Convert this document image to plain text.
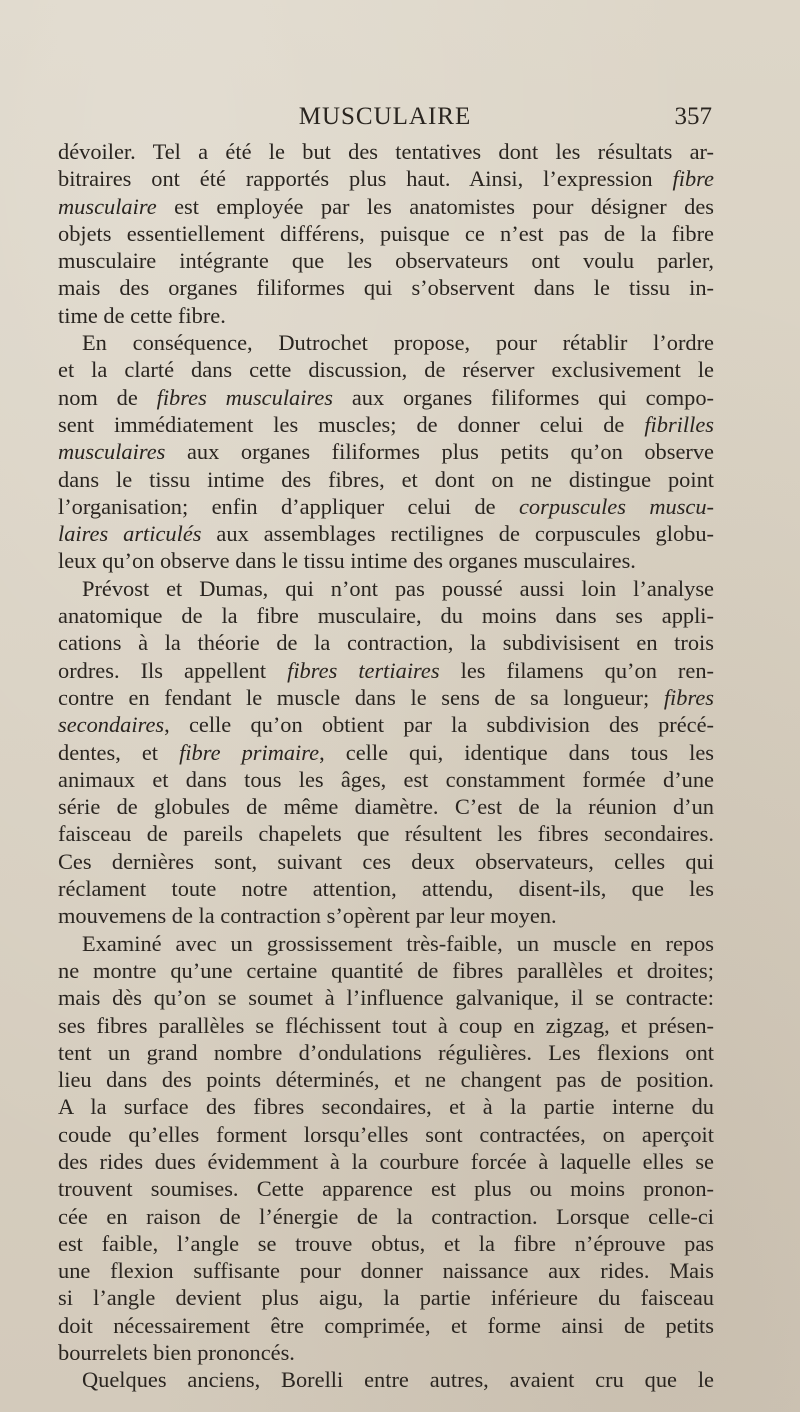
MUSCULAIRE	357
dévoiler. Tel a été le but des tentatives dont les résultats ar-
bitraires ont été rapportés plus haut. Ainsi, l’expression fibre
musculaire est employée par les anatomistes pour désigner des
objets essentiellement différens, puisque ce n’est pas de la fibre
musculaire intégrante que les observateurs ont voulu parler,
mais des organes filiformes qui s’observent dans le tissu in-
time de cette fibre.
En conséquence, Dutrochet propose, pour rétablir l’ordre
et la clarté dans cette discussion, de réserver exclusivement le
nom de fibres musculaires aux organes filiformes qui compo-
sent immédiatement les muscles; de donner celui de fibrilles
musculaires aux organes filiformes plus petits qu’on observe
dans le tissu intime des fibres, et dont on ne distingue point
l’organisation; enfin d’appliquer celui de corpuscules muscu-
laires articulés aux assemblages rectilignes de corpuscules globu-
leux qu’on observe dans le tissu intime des organes musculaires.
Prévost et Dumas, qui n’ont pas poussé aussi loin l’analyse
anatomique de la fibre musculaire, du moins dans ses appli-
cations à la théorie de la contraction, la subdivisisent en trois
ordres. Ils appellent fibres tertiaires les filamens qu’on ren-
contre en fendant le muscle dans le sens de sa longueur; fibres
secondaires, celle qu’on obtient par la subdivision des précé-
dentes, et fibre primaire, celle qui, identique dans tous les
animaux et dans tous les âges, est constamment formée d’une
série de globules de même diamètre. C’est de la réunion d’un
faisceau de pareils chapelets que résultent les fibres secondaires.
Ces dernières sont, suivant ces deux observateurs, celles qui
réclament toute notre attention, attendu, disent-ils, que les
mouvemens de la contraction s’opèrent par leur moyen.
Examiné avec un grossissement très-faible, un muscle en repos
ne montre qu’une certaine quantité de fibres parallèles et droites;
mais dès qu’on se soumet à l’influence galvanique, il se contracte:
ses fibres parallèles se fléchissent tout à coup en zigzag, et présen-
tent un grand nombre d’ondulations régulières. Les flexions ont
lieu dans des points déterminés, et ne changent pas de position.
A la surface des fibres secondaires, et à la partie interne du
coude qu’elles forment lorsqu’elles sont contractées, on aperçoit
des rides dues évidemment à la courbure forcée à laquelle elles se
trouvent soumises. Cette apparence est plus ou moins pronon-
cée en raison de l’énergie de la contraction. Lorsque celle-ci
est faible, l’angle se trouve obtus, et la fibre n’éprouve pas
une flexion suffisante pour donner naissance aux rides. Mais
si l’angle devient plus aigu, la partie inférieure du faisceau
doit nécessairement être comprimée, et forme ainsi de petits
bourrelets bien prononcés.
Quelques anciens, Borelli entre autres, avaient cru que le
